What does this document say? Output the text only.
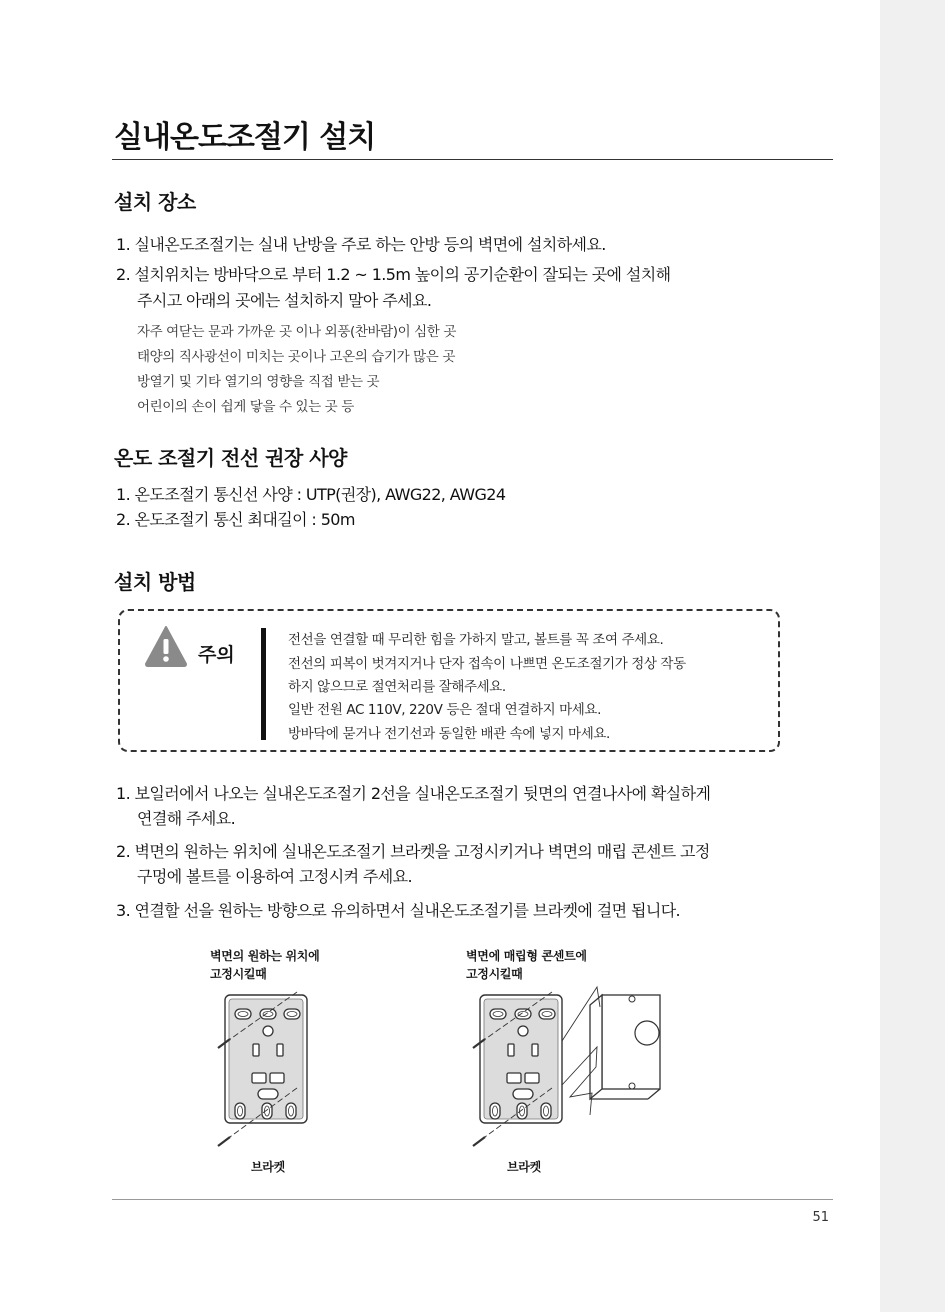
실내온도조절기 설치
설치 장소
1. 실내온도조절기는 실내 난방을 주로 하는 안방 등의 벽면에 설치하세요.
2. 설치위치는 방바닥으로 부터 1.2 ~ 1.5m 높이의 공기순환이 잘되는 곳에 설치해
주시고 아래의 곳에는 설치하지 말아 주세요.
자주 여닫는 문과 가까운 곳 이나 외풍(찬바람)이 심한 곳
태양의 직사광선이 미치는 곳이나 고온의 습기가 많은 곳
방열기 및 기타 열기의 영향을 직접 받는 곳
어린이의 손이 쉽게 닿을 수 있는 곳 등
온도 조절기 전선 권장 사양
1. 온도조절기 통신선 사양 : UTP(권장), AWG22, AWG24
2. 온도조절기 통신 최대길이 : 50m
설치 방법
주의
전선을 연결할 때 무리한 힘을 가하지 말고, 볼트를 꼭 조여 주세요.
전선의 피복이 벗겨지거나 단자 접속이 나쁘면 온도조절기가 정상 작동
하지 않으므로 절연처리를 잘해주세요.
일반 전원 AC 110V, 220V 등은 절대 연결하지 마세요.
방바닥에 묻거나 전기선과 동일한 배관 속에 넣지 마세요.
1. 보일러에서 나오는 실내온도조절기 2선을 실내온도조절기 뒷면의 연결나사에 확실하게
연결해 주세요.
2. 벽면의 원하는 위치에 실내온도조절기 브라켓을 고정시키거나 벽면의 매립 콘센트 고정
구멍에 볼트를 이용하여 고정시켜 주세요.
3. 연결할 선을 원하는 방향으로 유의하면서 실내온도조절기를 브라켓에 걸면 됩니다.
벽면의 원하는 위치에
고정시킬때
브라켓
벽면에 매립형 콘센트에
고정시킬때
브라켓
51
